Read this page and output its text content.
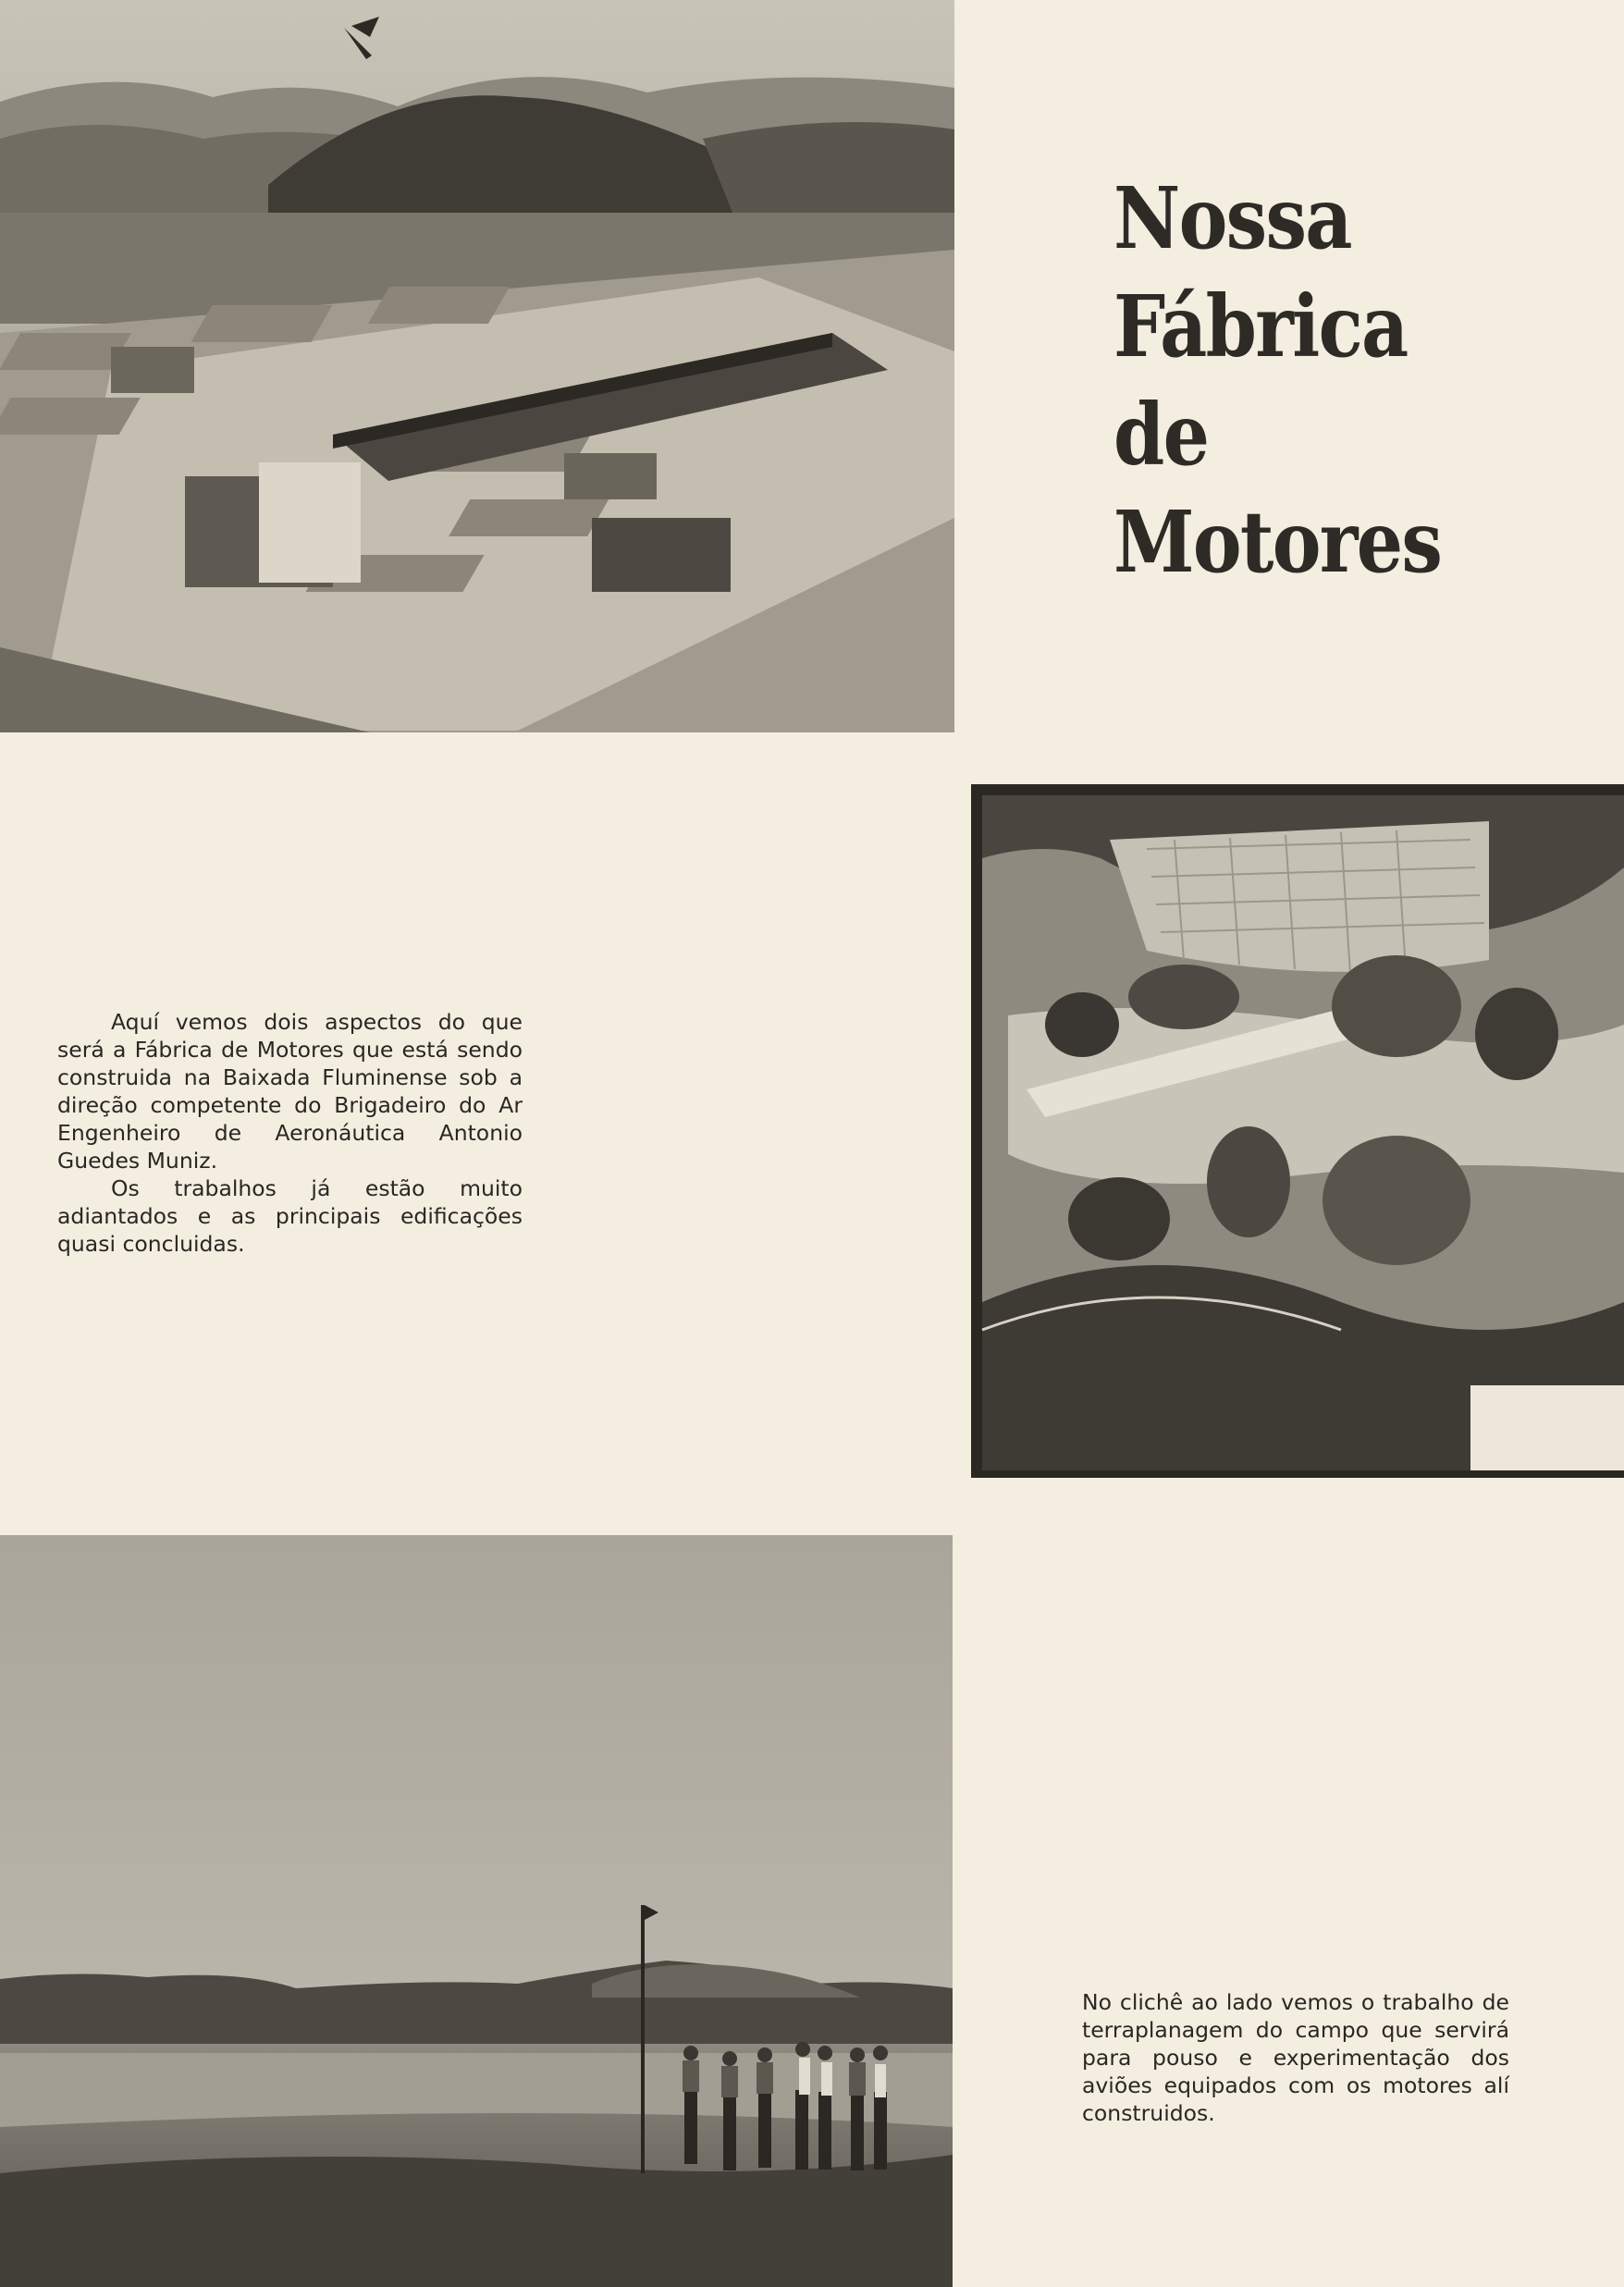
Nossa
Fábrica
de
Motores

Aquí vemos dois aspectos do que será a Fábrica de Motores que está sendo construida na Baixada Fluminense sob a direção competente do Brigadeiro do Ar Engenheiro de Aeronáutica Antonio Guedes Muniz.

Os trabalhos já estão muito adiantados e as principais edificações quasi concluidas.

No clichê ao lado vemos o trabalho de terraplanagem do campo que servirá para pouso e experimentação dos aviões equipados com os motores alí construidos.
